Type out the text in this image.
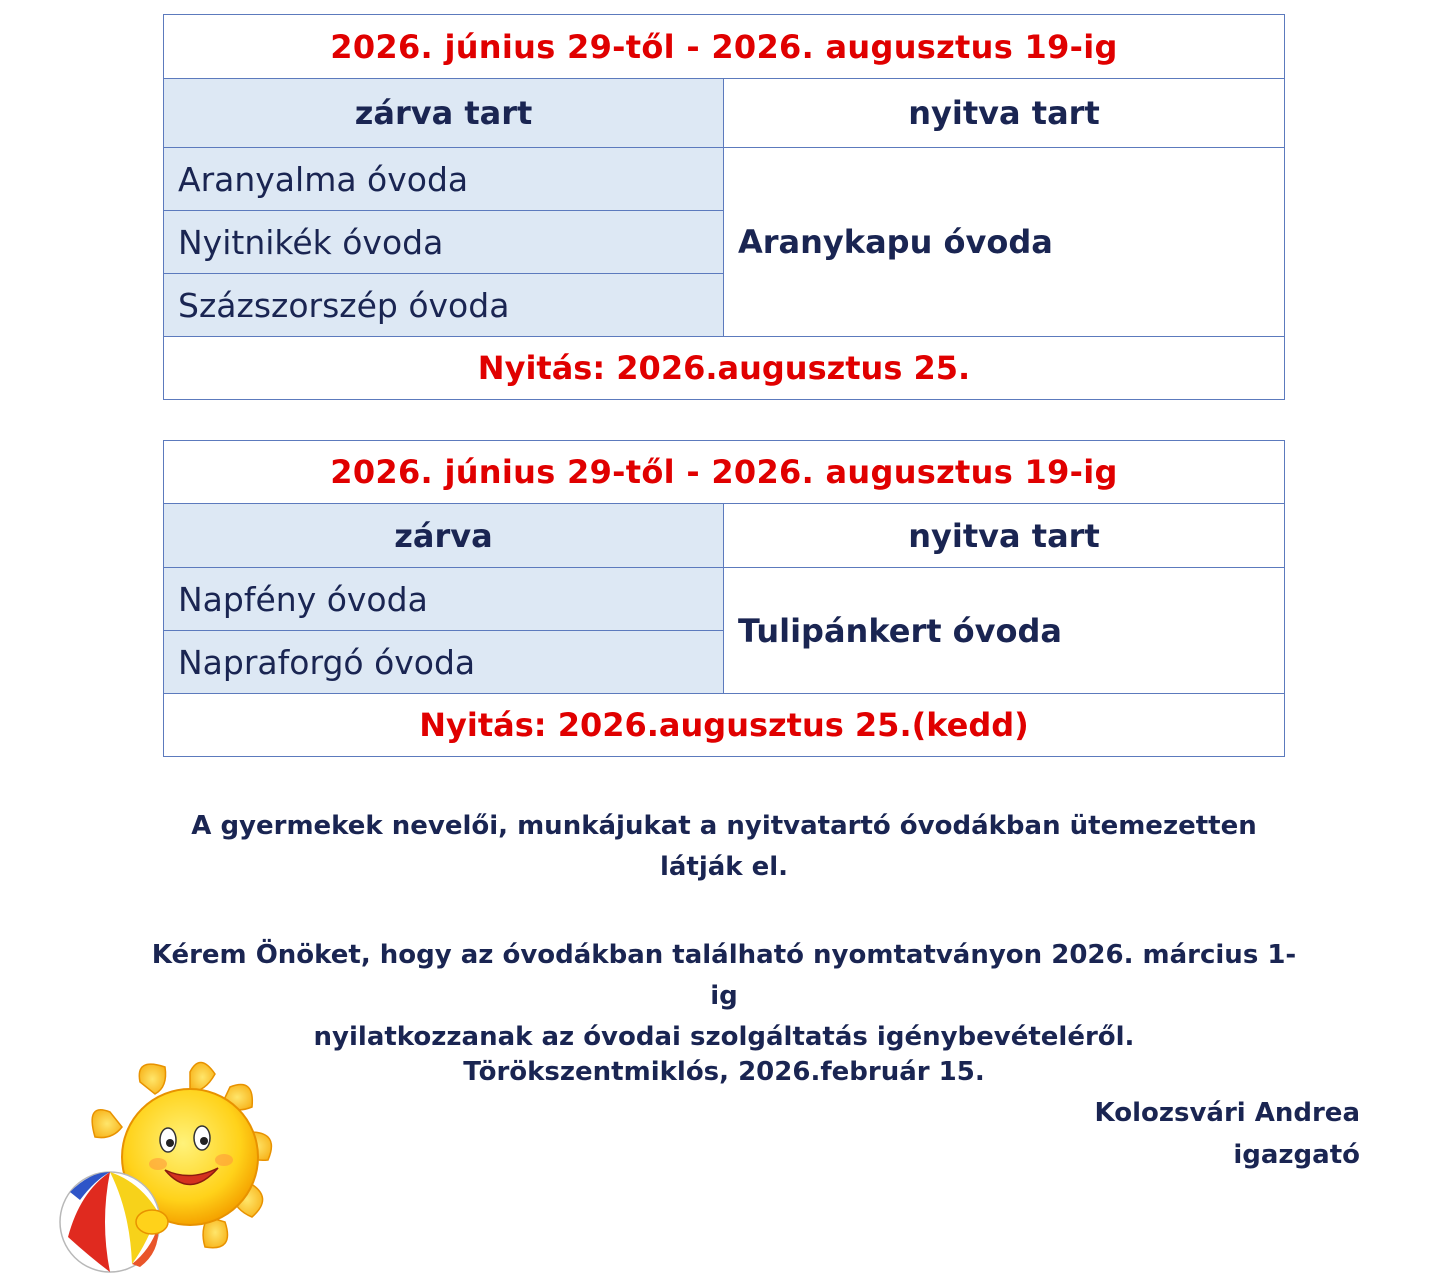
2026. június 29-től - 2026. augusztus 19-ig	
zárva tart	nyitva tart
Aranyalma óvoda	Aranykapu óvoda
Nyitnikék óvoda	
Százszorszép óvoda	
Nyitás: 2026.augusztus 25.	
2026. június 29-től - 2026. augusztus 19-ig	
zárva	nyitva tart
Napfény óvoda	Tulipánkert óvoda
Napraforgó óvoda	
Nyitás: 2026.augusztus 25.(kedd)	

A gyermekek nevelői, munkájukat a nyitvatartó óvodákban ütemezetten
látják el.

Kérem Önöket, hogy az óvodákban található nyomtatványon 2026. március 1-ig
nyilatkozzanak az óvodai szolgáltatás igénybevételéről.

Törökszentmiklós, 2026.február 15.
Kolozsvári Andrea
igazgató
